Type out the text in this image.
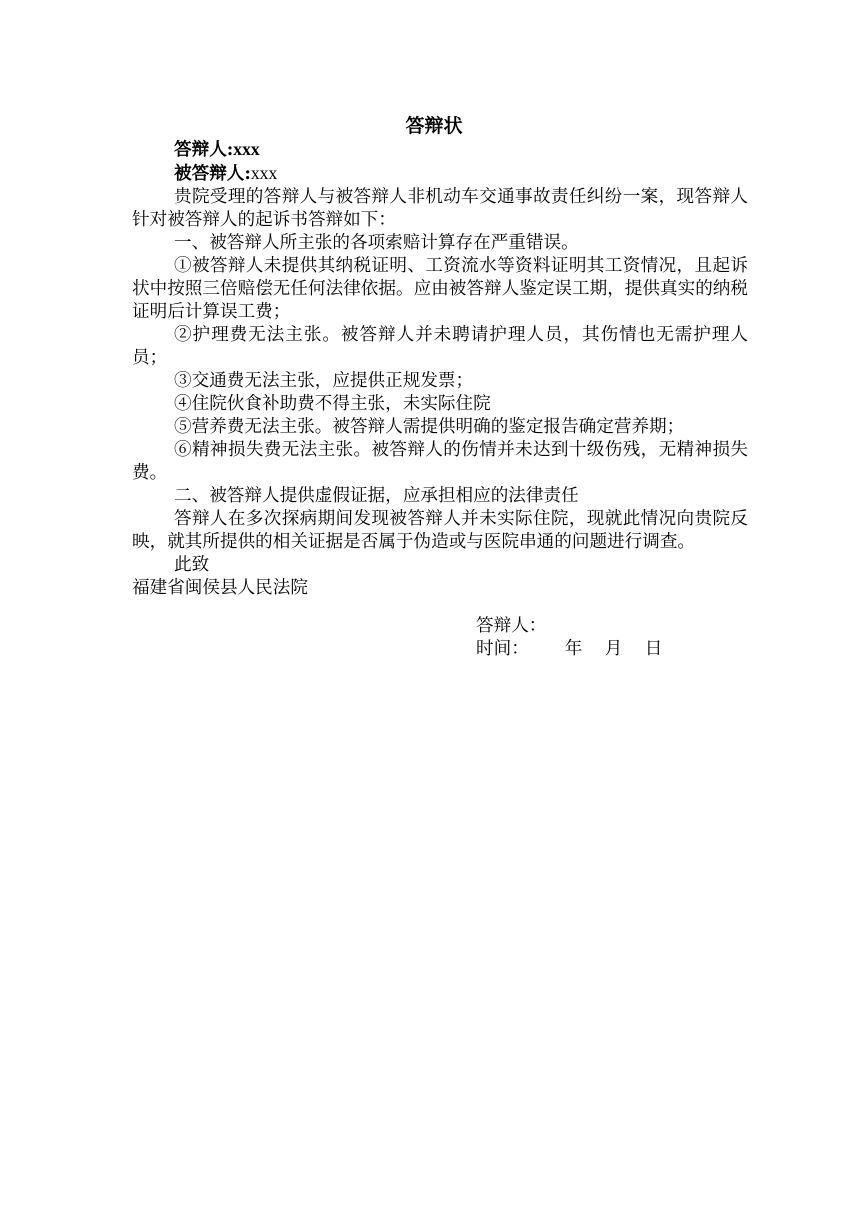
答辩状

答辩人:xxx

被答辩人:xxx

贵院受理的答辩人与被答辩人非机动车交通事故责任纠纷一案，现答辩人针对被答辩人的起诉书答辩如下：

一、被答辩人所主张的各项索赔计算存在严重错误。

①被答辩人未提供其纳税证明、工资流水等资料证明其工资情况，且起诉状中按照三倍赔偿无任何法律依据。应由被答辩人鉴定误工期，提供真实的纳税证明后计算误工费；

②护理费无法主张。被答辩人并未聘请护理人员，其伤情也无需护理人员；

③交通费无法主张，应提供正规发票；

④住院伙食补助费不得主张，未实际住院

⑤营养费无法主张。被答辩人需提供明确的鉴定报告确定营养期；

⑥精神损失费无法主张。被答辩人的伤情并未达到十级伤残，无精神损失费。

二、被答辩人提供虚假证据，应承担相应的法律责任

答辩人在多次探病期间发现被答辩人并未实际住院，现就此情况向贵院反映，就其所提供的相关证据是否属于伪造或与医院串通的问题进行调查。

此致

福建省闽侯县人民法院

答辩人：
时间： 年    月    日
